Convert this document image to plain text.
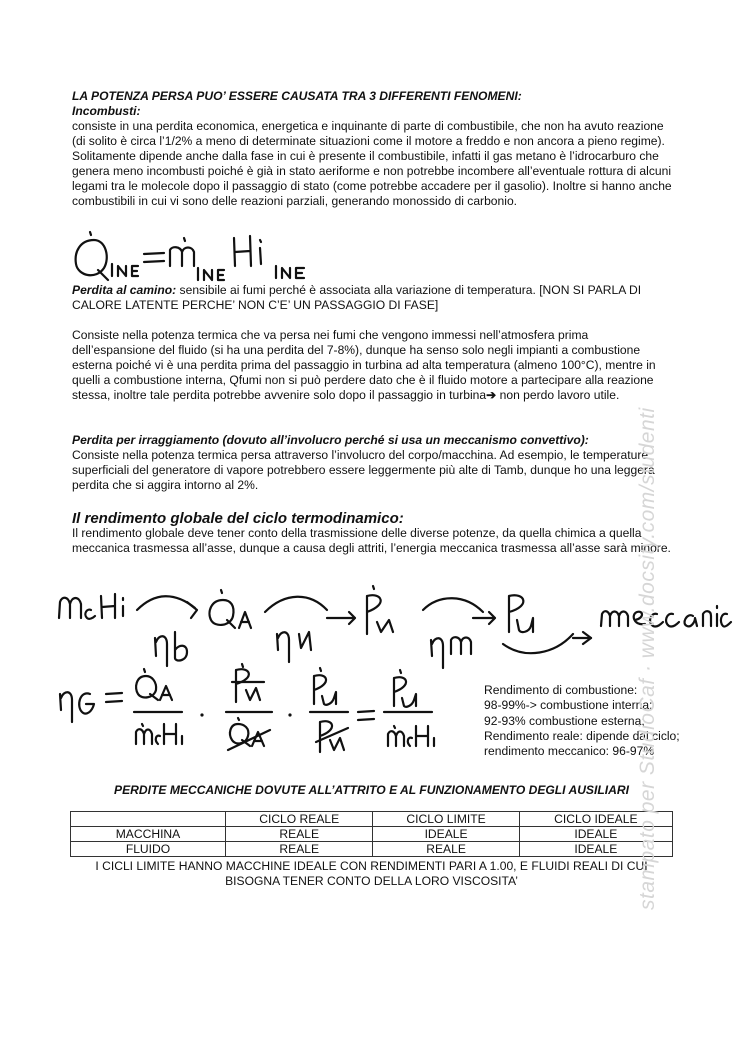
LA POTENZA PERSA PUO’ ESSERE CAUSATA TRA 3 DIFFERENTI FENOMENI:
Incombusti:
consiste in una perdita economica, energetica e inquinante di parte di combustibile, che non ha avuto reazione (di solito è circa l’1/2% a meno di determinate situazioni come il motore a freddo e non ancora a pieno regime). Solitamente dipende anche dalla fase in cui è presente il combustibile, infatti il gas metano è l’idrocarburo che genera meno incombusti poiché è già in stato aeriforme e non potrebbe incombere all’eventuale rottura di alcuni legami tra le molecole dopo il passaggio di stato (come potrebbe accadere per il gasolio). Inoltre si hanno anche combustibili in cui vi sono delle reazioni parziali, generando monossido di carbonio.
Perdita al camino: sensibile ai fumi perché è associata alla variazione di temperatura. [NON SI PARLA DI CALORE LATENTE PERCHE’ NON C’E’ UN PASSAGGIO DI FASE]
Consiste nella potenza termica che va persa nei fumi che vengono immessi nell’atmosfera prima dell’espansione del fluido (si ha una perdita del 7-8%), dunque ha senso solo negli impianti a combustione esterna poiché vi è una perdita prima del passaggio in turbina ad alta temperatura (almeno 100°C), mentre in quelli a combustione interna, Qfumi non si può perdere dato che è il fluido motore a partecipare alla reazione stessa, inoltre tale perdita potrebbe avvenire solo dopo il passaggio in turbina➔ non perdo lavoro utile.
Perdita per irraggiamento (dovuto all’involucro perché si usa un meccanismo convettivo):
Consiste nella potenza termica persa attraverso l’involucro del corpo/macchina. Ad esempio, le temperature superficiali del generatore di vapore potrebbero essere leggermente più alte di Tamb, dunque ho una leggera perdita che si aggira intorno al 2%.
Il rendimento globale del ciclo termodinamico:
Il rendimento globale deve tener conto della trasmissione delle diverse potenze, da quella chimica a quella meccanica trasmessa all’asse, dunque a causa degli attriti, l’energia meccanica trasmessa all’asse sarà minore.
Rendimento di combustione:
98-99%-> combustione interna;
92-93% combustione esterna;
Rendimento reale: dipende dal ciclo;
rendimento meccanico: 96-97%
PERDITE MECCANICHE DOVUTE ALL’ATTRITO E AL FUNZIONAMENTO DEGLI AUSILIARI
	CICLO REALE	CICLO LIMITE	CICLO IDEALE
MACCHINA	REALE	IDEALE	IDEALE
FLUIDO	REALE	REALE	IDEALE
I CICLI LIMITE HANNO MACCHINE IDEALE CON RENDIMENTI PARI A 1.00, E FLUIDI REALI DI CUI
BISOGNA TENER CONTO DELLA LORO VISCOSITA’	stampato per StudioCaf · www.docsity.com/studenti
